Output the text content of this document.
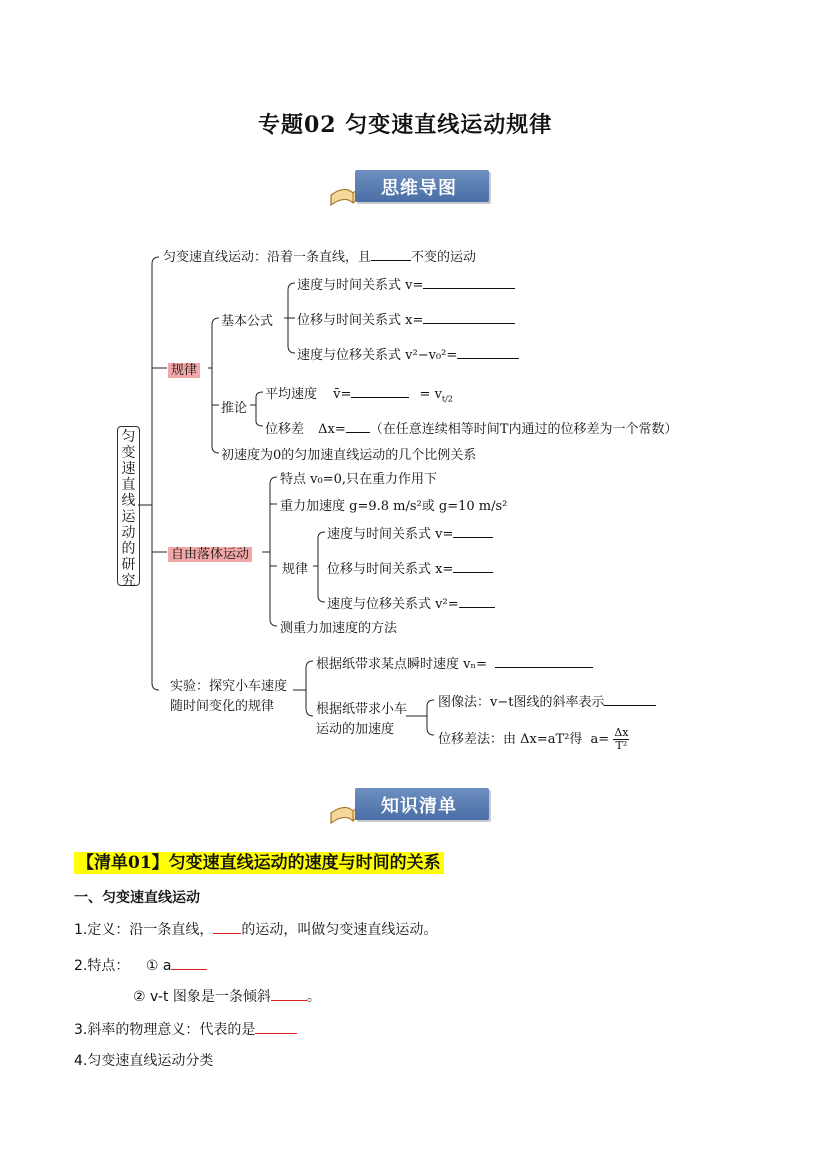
专题02 匀变速直线运动规律
思维导图
匀变速直线运动的研究
匀变速直线运动：沿着一条直线，且	不变的运动
规律
基本公式
速度与时间关系式 v=
位移与时间关系式 x=
速度与位移关系式 v²−v₀²=
推论
平均速度 v̄=	= $v_{t/2}$
位移差 Δx= （在任意连续相等时间T内通过的位移差为一个常数）
初速度为0的匀加速直线运动的几个比例关系
自由落体运动
特点 v₀=0,只在重力作用下
重力加速度 g=9.8 m/s²或 g=10 m/s²
规律
速度与时间关系式 v=
位移与时间关系式 x=
速度与位移关系式 v²=
测重力加速度的方法
实验：探究小车速度
随时间变化的规律
根据纸带求某点瞬时速度 vₙ=
根据纸带求小车
运动的加速度
图像法：v−t图线的斜率表示
位移差法：由 Δx=aT²得 $a= \frac{\Delta x}{\text{T²}}$
知识清单
【清单01】匀变速直线运动的速度与时间的关系
一、匀变速直线运动
1.定义：沿一条直线， 的运动，叫做匀变速直线运动。
2.特点： ① a
② v-t 图象是一条倾斜	。
3.斜率的物理意义：代表的是
4.匀变速直线运动分类
